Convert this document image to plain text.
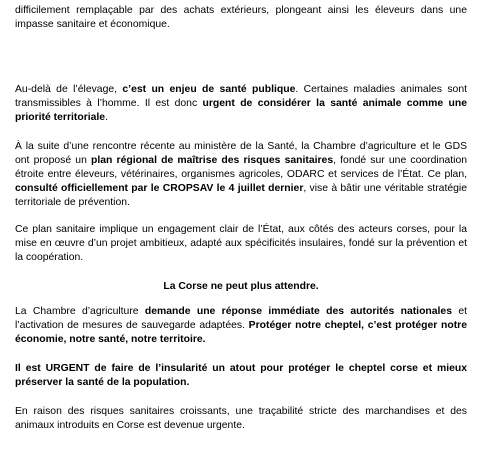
difficilement remplaçable par des achats extérieurs, plongeant ainsi les éleveurs dans une impasse sanitaire et économique.

Au-delà de l’élevage, c’est un enjeu de santé publique. Certaines maladies animales sont transmissibles à l’homme. Il est donc urgent de considérer la santé animale comme une priorité territoriale.

À la suite d’une rencontre récente au ministère de la Santé, la Chambre d’agriculture et le GDS ont proposé un plan régional de maîtrise des risques sanitaires, fondé sur une coordination étroite entre éleveurs, vétérinaires, organismes agricoles, ODARC et services de l’État. Ce plan, consulté officiellement par le CROPSAV le 4 juillet dernier, vise à bâtir une véritable stratégie territoriale de prévention.

Ce plan sanitaire implique un engagement clair de l’État, aux côtés des acteurs corses, pour la mise en œuvre d’un projet ambitieux, adapté aux spécificités insulaires, fondé sur la prévention et la coopération.

La Corse ne peut plus attendre.

La Chambre d’agriculture demande une réponse immédiate des autorités nationales et l’activation de mesures de sauvegarde adaptées. Protéger notre cheptel, c’est protéger notre économie, notre santé, notre territoire.

Il est URGENT de faire de l’insularité un atout pour protéger le cheptel corse et mieux préserver la santé de la population.

En raison des risques sanitaires croissants, une traçabilité stricte des marchandises et des animaux introduits en Corse est devenue urgente.
